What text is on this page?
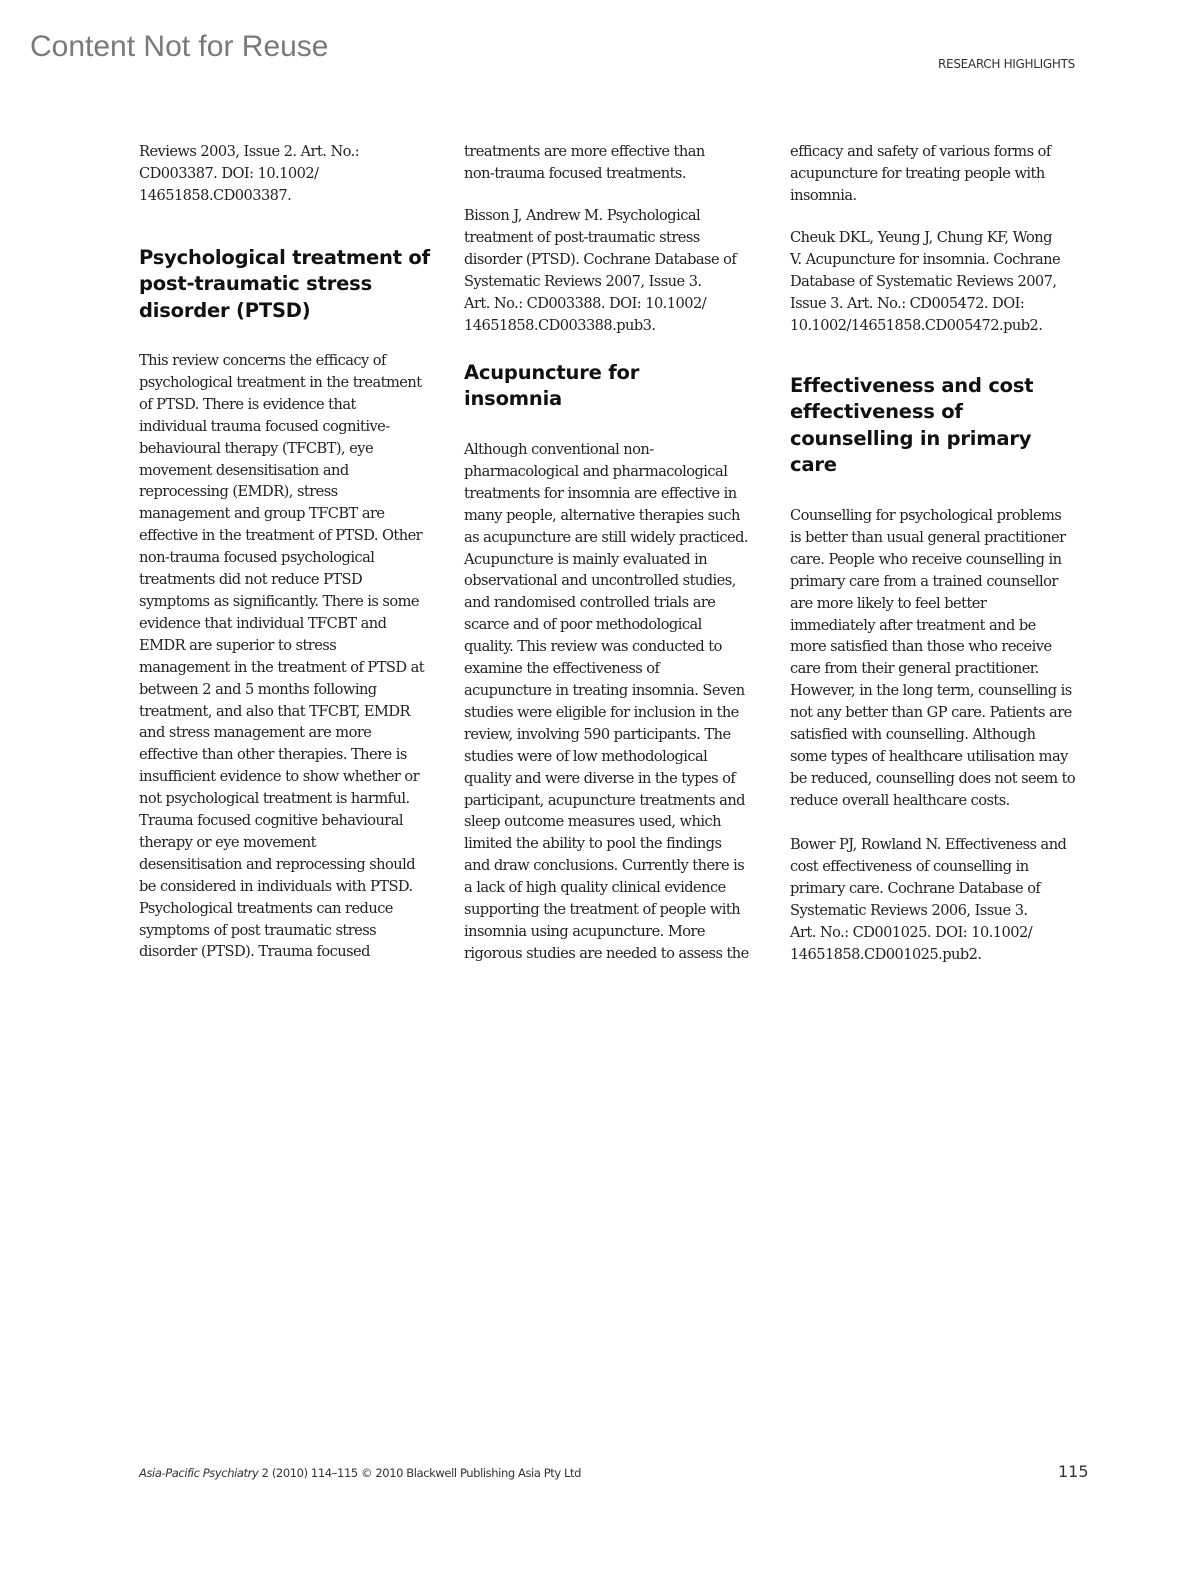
Content Not for Reuse
RESEARCH HIGHLIGHTS
Reviews 2003, Issue 2. Art. No.:
CD003387. DOI: 10.1002/
14651858.CD003387.
Psychological treatment of
post-traumatic stress
disorder (PTSD)
This review concerns the efficacy of
psychological treatment in the treatment
of PTSD. There is evidence that
individual trauma focused cognitive-
behavioural therapy (TFCBT), eye
movement desensitisation and
reprocessing (EMDR), stress
management and group TFCBT are
effective in the treatment of PTSD. Other
non-trauma focused psychological
treatments did not reduce PTSD
symptoms as significantly. There is some
evidence that individual TFCBT and
EMDR are superior to stress
management in the treatment of PTSD at
between 2 and 5 months following
treatment, and also that TFCBT, EMDR
and stress management are more
effective than other therapies. There is
insufficient evidence to show whether or
not psychological treatment is harmful.
Trauma focused cognitive behavioural
therapy or eye movement
desensitisation and reprocessing should
be considered in individuals with PTSD.
Psychological treatments can reduce
symptoms of post traumatic stress
disorder (PTSD). Trauma focused
treatments are more effective than
non-trauma focused treatments.
Bisson J, Andrew M. Psychological
treatment of post-traumatic stress
disorder (PTSD). Cochrane Database of
Systematic Reviews 2007, Issue 3.
Art. No.: CD003388. DOI: 10.1002/
14651858.CD003388.pub3.
Acupuncture for
insomnia
Although conventional non-
pharmacological and pharmacological
treatments for insomnia are effective in
many people, alternative therapies such
as acupuncture are still widely practiced.
Acupuncture is mainly evaluated in
observational and uncontrolled studies,
and randomised controlled trials are
scarce and of poor methodological
quality. This review was conducted to
examine the effectiveness of
acupuncture in treating insomnia. Seven
studies were eligible for inclusion in the
review, involving 590 participants. The
studies were of low methodological
quality and were diverse in the types of
participant, acupuncture treatments and
sleep outcome measures used, which
limited the ability to pool the findings
and draw conclusions. Currently there is
a lack of high quality clinical evidence
supporting the treatment of people with
insomnia using acupuncture. More
rigorous studies are needed to assess the
efficacy and safety of various forms of
acupuncture for treating people with
insomnia.
Cheuk DKL, Yeung J, Chung KF, Wong
V. Acupuncture for insomnia. Cochrane
Database of Systematic Reviews 2007,
Issue 3. Art. No.: CD005472. DOI:
10.1002/14651858.CD005472.pub2.
Effectiveness and cost
effectiveness of
counselling in primary
care
Counselling for psychological problems
is better than usual general practitioner
care. People who receive counselling in
primary care from a trained counsellor
are more likely to feel better
immediately after treatment and be
more satisfied than those who receive
care from their general practitioner.
However, in the long term, counselling is
not any better than GP care. Patients are
satisfied with counselling. Although
some types of healthcare utilisation may
be reduced, counselling does not seem to
reduce overall healthcare costs.
Bower PJ, Rowland N. Effectiveness and
cost effectiveness of counselling in
primary care. Cochrane Database of
Systematic Reviews 2006, Issue 3.
Art. No.: CD001025. DOI: 10.1002/
14651858.CD001025.pub2.
Asia-Pacific Psychiatry 2 (2010) 114–115 © 2010 Blackwell Publishing Asia Pty Ltd	115
